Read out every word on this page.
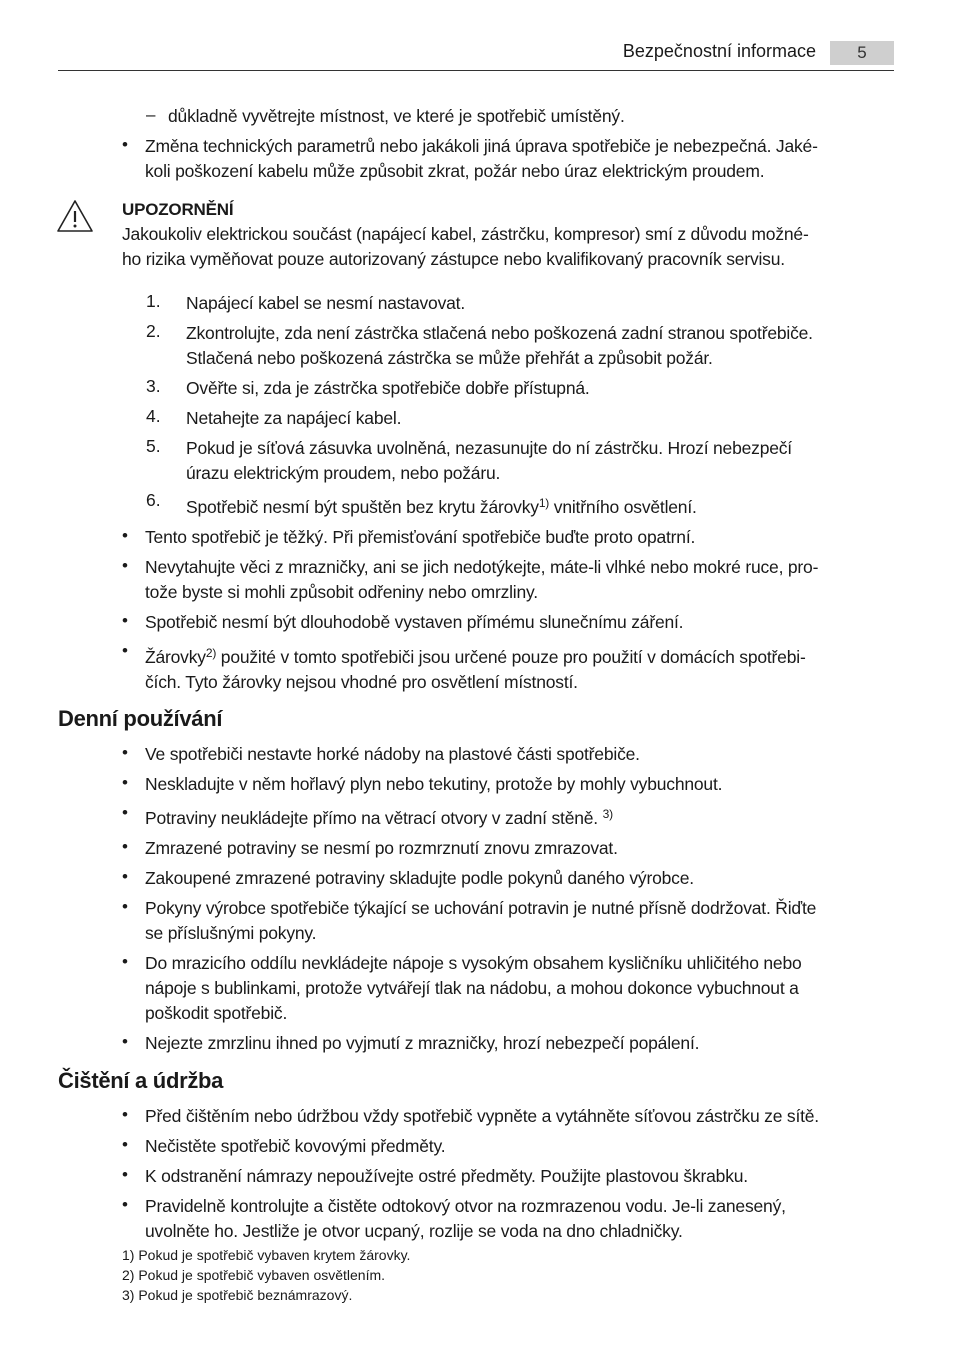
Bezpečnostní informace	5
– důkladně vyvětrejte místnost, ve které je spotřebič umístěný.
• Změna technických parametrů nebo jakákoli jiná úprava spotřebiče je nebezpečná. Jaké-
koli poškození kabelu může způsobit zkrat, požár nebo úraz elektrickým proudem.
UPOZORNĚNÍ
Jakoukoliv elektrickou součást (napájecí kabel, zástrčku, kompresor) smí z důvodu možné-
ho rizika vyměňovat pouze autorizovaný zástupce nebo kvalifikovaný pracovník servisu.
1. Napájecí kabel se nesmí nastavovat.
2. Zkontrolujte, zda není zástrčka stlačená nebo poškozená zadní stranou spotřebiče.
Stlačená nebo poškozená zástrčka se může přehřát a způsobit požár.
3. Ověřte si, zda je zástrčka spotřebiče dobře přístupná.
4. Netahejte za napájecí kabel.
5. Pokud je síťová zásuvka uvolněná, nezasunujte do ní zástrčku. Hrozí nebezpečí
úrazu elektrickým proudem, nebo požáru.
6. Spotřebič nesmí být spuštěn bez krytu žárovky$^{1)}$ vnitřního osvětlení.
• Tento spotřebič je těžký. Při přemisťování spotřebiče buďte proto opatrní.
• Nevytahujte věci z mrazničky, ani se jich nedotýkejte, máte-li vlhké nebo mokré ruce, pro-
tože byste si mohli způsobit odřeniny nebo omrzliny.
• Spotřebič nesmí být dlouhodobě vystaven přímému slunečnímu záření.
• Žárovky$^{2)}$ použité v tomto spotřebiči jsou určené pouze pro použití v domácích spotřebi-
čích. Tyto žárovky nejsou vhodné pro osvětlení místností.
Denní používání
• Ve spotřebiči nestavte horké nádoby na plastové části spotřebiče.
• Neskladujte v něm hořlavý plyn nebo tekutiny, protože by mohly vybuchnout.
• Potraviny neukládejte přímo na větrací otvory v zadní stěně. $^{3)}$
• Zmrazené potraviny se nesmí po rozmrznutí znovu zmrazovat.
• Zakoupené zmrazené potraviny skladujte podle pokynů daného výrobce.
• Pokyny výrobce spotřebiče týkající se uchování potravin je nutné přísně dodržovat. Řiďte
se příslušnými pokyny.
• Do mrazicího oddílu nevkládejte nápoje s vysokým obsahem kysličníku uhličitého nebo
nápoje s bublinkami, protože vytvářejí tlak na nádobu, a mohou dokonce vybuchnout a
poškodit spotřebič.
• Nejezte zmrzlinu ihned po vyjmutí z mrazničky, hrozí nebezpečí popálení.
Čištění a údržba
• Před čištěním nebo údržbou vždy spotřebič vypněte a vytáhněte síťovou zástrčku ze sítě.
• Nečistěte spotřebič kovovými předměty.
• K odstranění námrazy nepoužívejte ostré předměty. Použijte plastovou škrabku.
• Pravidelně kontrolujte a čistěte odtokový otvor na rozmrazenou vodu. Je-li zanesený,
uvolněte ho. Jestliže je otvor ucpaný, rozlije se voda na dno chladničky.
1) Pokud je spotřebič vybaven krytem žárovky.
2) Pokud je spotřebič vybaven osvětlením.
3) Pokud je spotřebič beznámrazový.
